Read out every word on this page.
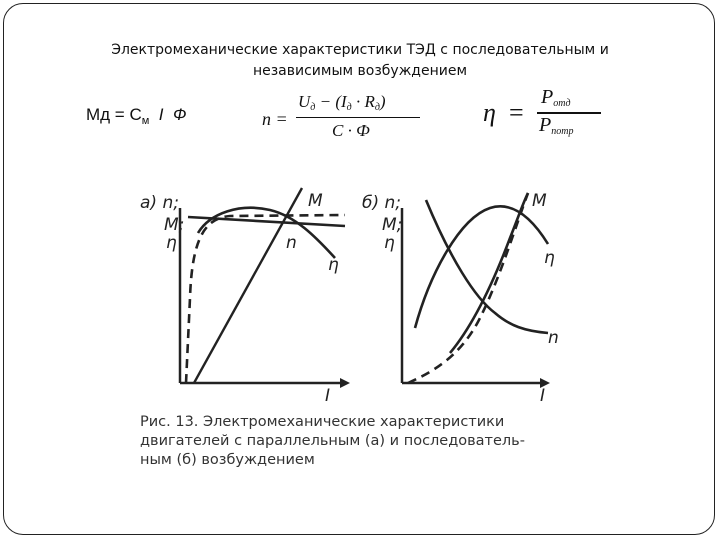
Электромеханические характеристики ТЭД с последовательным и
независимым возбуждением
Мд = $С_м$ I Ф	n =
Uд − (Iд · Rд)
C · Ф
η =
Pотд
Pпотр
а) n;
M;
η
M
n
η
I
б) n;
M;
η
M
η
n
I
Рис. 13. Электромеханические характеристики
двигателей с параллельным (а) и последователь-
ным (б) возбуждением
